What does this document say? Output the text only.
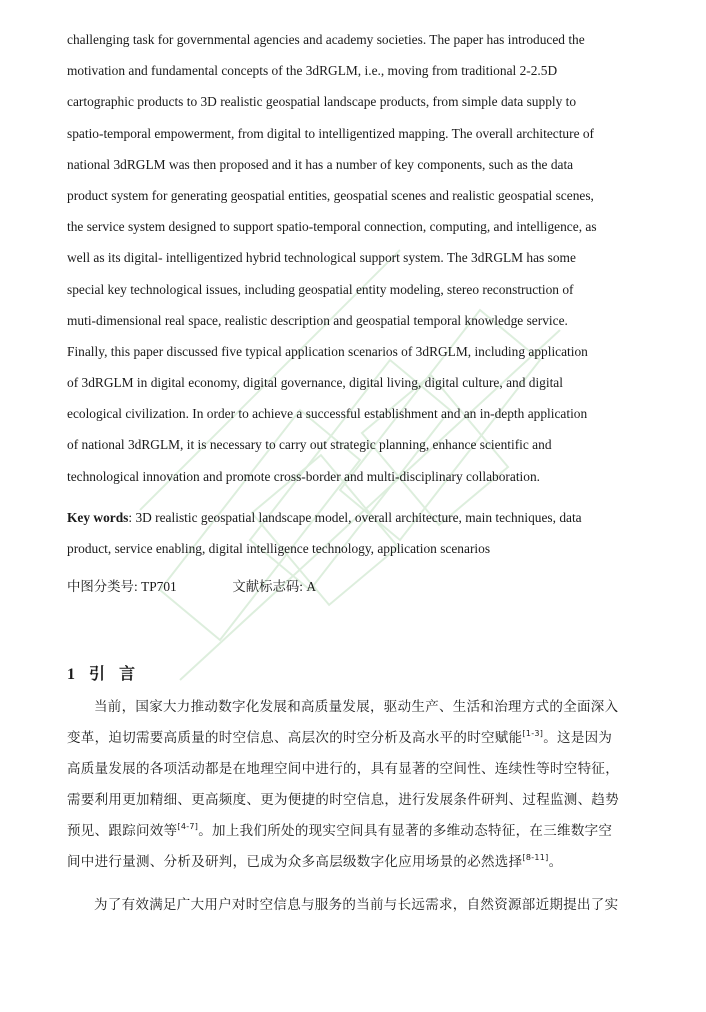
challenging task for governmental agencies and academy societies. The paper has introduced the
motivation and fundamental concepts of the 3dRGLM, i.e., moving from traditional 2-2.5D
cartographic products to 3D realistic geospatial landscape products, from simple data supply to
spatio-temporal empowerment, from digital to intelligentized mapping. The overall architecture of
national 3dRGLM was then proposed and it has a number of key components, such as the data
product system for generating geospatial entities, geospatial scenes and realistic geospatial scenes,
the service system designed to support spatio-temporal connection, computing, and intelligence, as
well as its digital- intelligentized hybrid technological support system. The 3dRGLM has some
special key technological issues, including geospatial entity modeling, stereo reconstruction of
muti-dimensional real space, realistic description and geospatial temporal knowledge service.
Finally, this paper discussed five typical application scenarios of 3dRGLM, including application
of 3dRGLM in digital economy, digital governance, digital living, digital culture, and digital
ecological civilization. In order to achieve a successful establishment and an in-depth application
of national 3dRGLM, it is necessary to carry out strategic planning, enhance scientific and
technological innovation and promote cross-border and multi-disciplinary collaboration.
Key words: 3D realistic geospatial landscape model, overall architecture, main techniques, data product, service enabling, digital intelligence technology, application scenarios
中图分类号: TP701	文献标志码: A
1 引言
当前，国家大力推动数字化发展和高质量发展，驱动生产、生活和治理方式的全面深入
变革，迫切需要高质量的时空信息、高层次的时空分析及高水平的时空赋能[1-3]。这是因为
高质量发展的各项活动都是在地理空间中进行的，具有显著的空间性、连续性等时空特征，
需要利用更加精细、更高频度、更为便捷的时空信息，进行发展条件研判、过程监测、趋势
预见、跟踪问效等[4-7]。加上我们所处的现实空间具有显著的多维动态特征，在三维数字空
间中进行量测、分析及研判，已成为众多高层级数字化应用场景的必然选择[8-11]。
为了有效满足广大用户对时空信息与服务的当前与长远需求，自然资源部近期提出了实
